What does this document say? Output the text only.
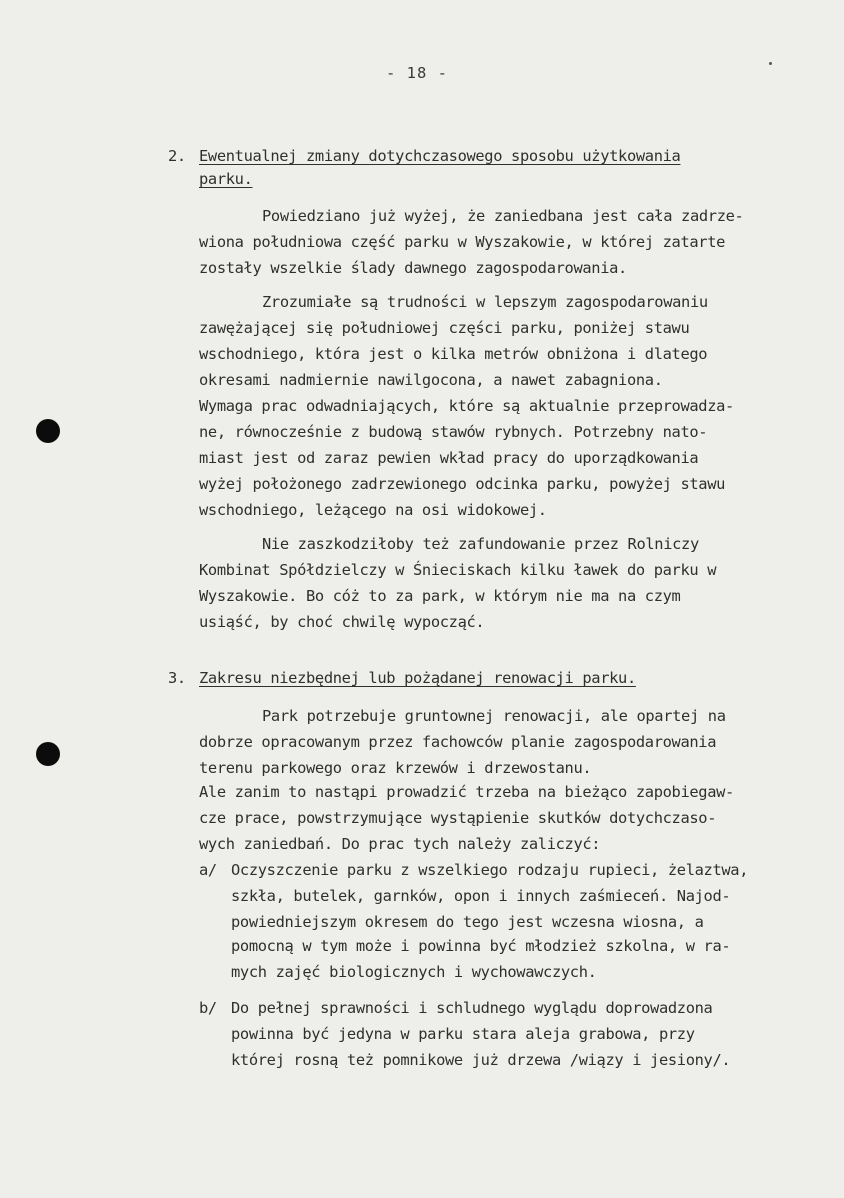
- 18 -
2. Ewentualnej zmiany dotychczasowego sposobu użytkowania
parku.
Powiedziano już wyżej, że zaniedbana jest cała zadrze-
wiona południowa część parku w Wyszakowie, w której zatarte
zostały wszelkie ślady dawnego zagospodarowania.
Zrozumiałe są trudności w lepszym zagospodarowaniu
zawężającej się południowej części parku, poniżej stawu
wschodniego, która jest o kilka metrów obniżona i dlatego
okresami nadmiernie nawilgocona, a nawet zabagniona.
Wymaga prac odwadniających, które są aktualnie przeprowadza-
ne, równocześnie z budową stawów rybnych. Potrzebny nato-
miast jest od zaraz pewien wkład pracy do uporządkowania
wyżej położonego zadrzewionego odcinka parku, powyżej stawu
wschodniego, leżącego na osi widokowej.
Nie zaszkodziłoby też zafundowanie przez Rolniczy
Kombinat Spółdzielczy w Śnieciskach kilku ławek do parku w
Wyszakowie. Bo cóż to za park, w którym nie ma na czym
usiąść, by choć chwilę wypocząć.
3. Zakresu niezbędnej lub pożądanej renowacji parku.
Park potrzebuje gruntownej renowacji, ale opartej na
dobrze opracowanym przez fachowców planie zagospodarowania
terenu parkowego oraz krzewów i drzewostanu.
Ale zanim to nastąpi prowadzić trzeba na bieżąco zapobiegaw-
cze prace, powstrzymujące wystąpienie skutków dotychczaso-
wych zaniedbań. Do prac tych należy zaliczyć:
a/ Oczyszczenie parku z wszelkiego rodzaju rupieci, żelaztwa,
szkła, butelek, garnków, opon i innych zaśmieceń. Najod-
powiedniejszym okresem do tego jest wczesna wiosna, a
pomocną w tym może i powinna być młodzież szkolna, w ra-
mych zajęć biologicznych i wychowawczych.
b/ Do pełnej sprawności i schludnego wyglądu doprowadzona
powinna być jedyna w parku stara aleja grabowa, przy
której rosną też pomnikowe już drzewa /wiązy i jesiony/.
